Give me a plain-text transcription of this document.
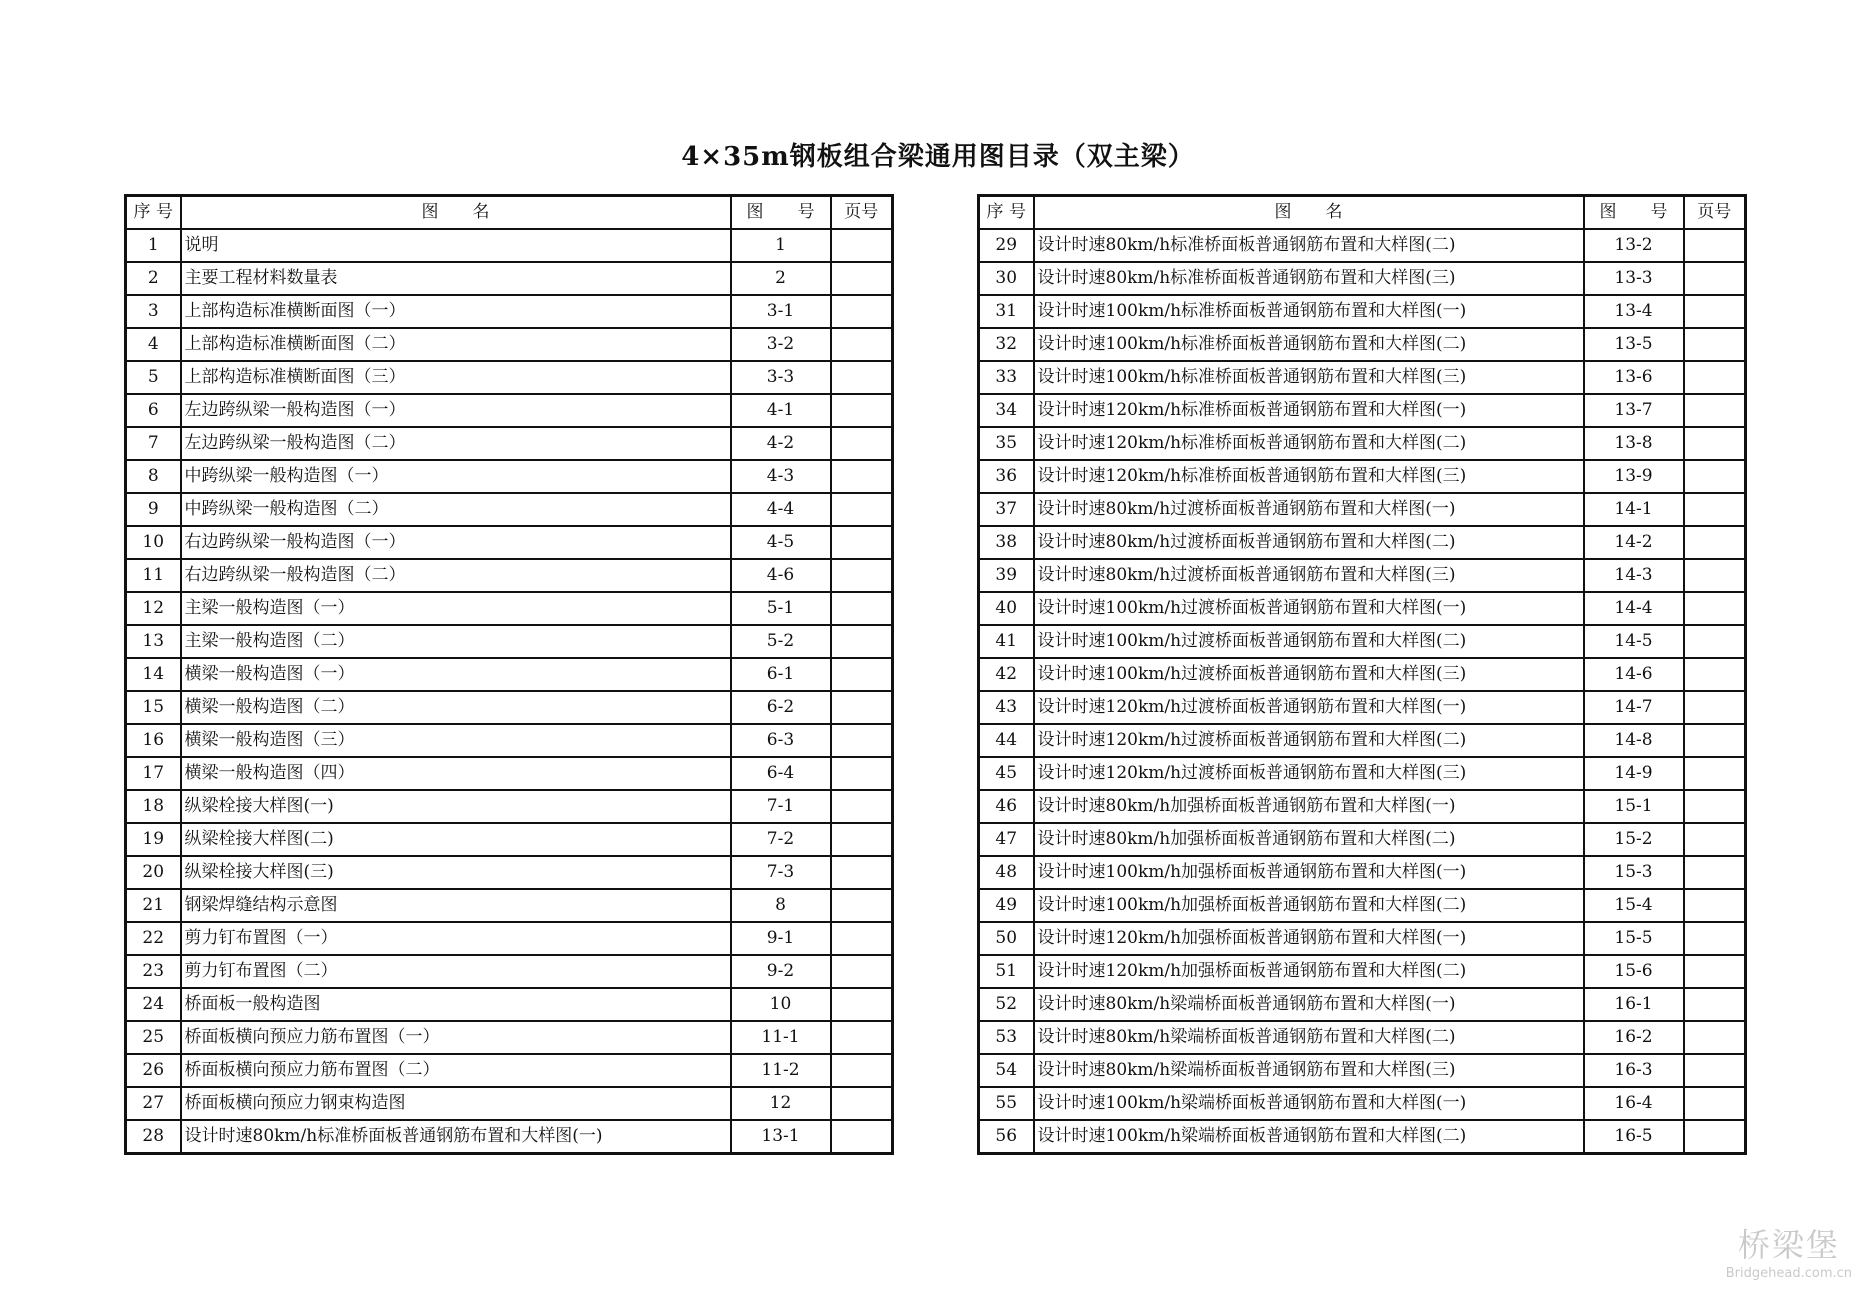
4×35m钢板组合梁通用图目录（双主梁）
序 号	图　　名	图　　号	页号
1	说明	1	
2	主要工程材料数量表	2	
3	上部构造标准横断面图（一）	3-1	
4	上部构造标准横断面图（二）	3-2	
5	上部构造标准横断面图（三）	3-3	
6	左边跨纵梁一般构造图（一）	4-1	
7	左边跨纵梁一般构造图（二）	4-2	
8	中跨纵梁一般构造图（一）	4-3	
9	中跨纵梁一般构造图（二）	4-4	
10	右边跨纵梁一般构造图（一）	4-5	
11	右边跨纵梁一般构造图（二）	4-6	
12	主梁一般构造图（一）	5-1	
13	主梁一般构造图（二）	5-2	
14	横梁一般构造图（一）	6-1	
15	横梁一般构造图（二）	6-2	
16	横梁一般构造图（三）	6-3	
17	横梁一般构造图（四）	6-4	
18	纵梁栓接大样图(一)	7-1	
19	纵梁栓接大样图(二)	7-2	
20	纵梁栓接大样图(三)	7-3	
21	钢梁焊缝结构示意图	8	
22	剪力钉布置图（一）	9-1	
23	剪力钉布置图（二）	9-2	
24	桥面板一般构造图	10	
25	桥面板横向预应力筋布置图（一）	11-1	
26	桥面板横向预应力筋布置图（二）	11-2	
27	桥面板横向预应力钢束构造图	12	
28	设计时速80km/h标准桥面板普通钢筋布置和大样图(一)	13-1	
序 号	图　　名	图　　号	页号
29	设计时速80km/h标准桥面板普通钢筋布置和大样图(二)	13-2	
30	设计时速80km/h标准桥面板普通钢筋布置和大样图(三)	13-3	
31	设计时速100km/h标准桥面板普通钢筋布置和大样图(一)	13-4	
32	设计时速100km/h标准桥面板普通钢筋布置和大样图(二)	13-5	
33	设计时速100km/h标准桥面板普通钢筋布置和大样图(三)	13-6	
34	设计时速120km/h标准桥面板普通钢筋布置和大样图(一)	13-7	
35	设计时速120km/h标准桥面板普通钢筋布置和大样图(二)	13-8	
36	设计时速120km/h标准桥面板普通钢筋布置和大样图(三)	13-9	
37	设计时速80km/h过渡桥面板普通钢筋布置和大样图(一)	14-1	
38	设计时速80km/h过渡桥面板普通钢筋布置和大样图(二)	14-2	
39	设计时速80km/h过渡桥面板普通钢筋布置和大样图(三)	14-3	
40	设计时速100km/h过渡桥面板普通钢筋布置和大样图(一)	14-4	
41	设计时速100km/h过渡桥面板普通钢筋布置和大样图(二)	14-5	
42	设计时速100km/h过渡桥面板普通钢筋布置和大样图(三)	14-6	
43	设计时速120km/h过渡桥面板普通钢筋布置和大样图(一)	14-7	
44	设计时速120km/h过渡桥面板普通钢筋布置和大样图(二)	14-8	
45	设计时速120km/h过渡桥面板普通钢筋布置和大样图(三)	14-9	
46	设计时速80km/h加强桥面板普通钢筋布置和大样图(一)	15-1	
47	设计时速80km/h加强桥面板普通钢筋布置和大样图(二)	15-2	
48	设计时速100km/h加强桥面板普通钢筋布置和大样图(一)	15-3	
49	设计时速100km/h加强桥面板普通钢筋布置和大样图(二)	15-4	
50	设计时速120km/h加强桥面板普通钢筋布置和大样图(一)	15-5	
51	设计时速120km/h加强桥面板普通钢筋布置和大样图(二)	15-6	
52	设计时速80km/h梁端桥面板普通钢筋布置和大样图(一)	16-1	
53	设计时速80km/h梁端桥面板普通钢筋布置和大样图(二)	16-2	
54	设计时速80km/h梁端桥面板普通钢筋布置和大样图(三)	16-3	
55	设计时速100km/h梁端桥面板普通钢筋布置和大样图(一)	16-4	
56	设计时速100km/h梁端桥面板普通钢筋布置和大样图(二)	16-5	
桥梁堡
Bridgehead.com.cn
